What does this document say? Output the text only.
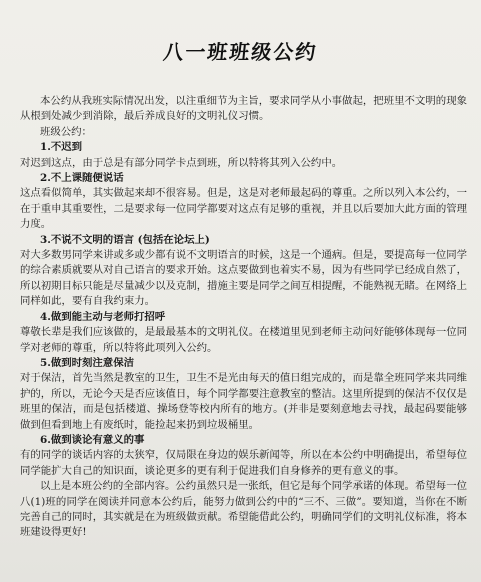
八一班班级公约

本公约从我班实际情况出发，以注重细节为主旨，要求同学从小事做起，把班里不文明的现象从根到处减少到消除，最后养成良好的文明礼仪习惯。

班级公约：

1.不迟到

对迟到这点，由于总是有部分同学卡点到班，所以特将其列入公约中。

2.不上课随便说话

这点看似简单，其实做起来却不很容易。但是，这是对老师最起码的尊重。之所以列入本公约，一在于重申其重要性，二是要求每一位同学都要对这点有足够的重视，并且以后要加大此方面的管理力度。

3.不说不文明的语言 (包括在论坛上)

对大多数男同学来讲或多或少都有说不文明语言的时候，这是一个通病。但是，要提高每一位同学的综合素质就要从对自己语言的要求开始。这点要做到也着实不易，因为有些同学已经成自然了，所以初期目标只能是尽量减少以及克制，措施主要是同学之间互相提醒，不能熟视无睹。在网络上同样如此，要有自我约束力。

4.做到能主动与老师打招呼

尊敬长辈是我们应该做的，是最最基本的文明礼仪。在楼道里见到老师主动问好能够体现每一位同学对老师的尊重，所以特将此项列入公约。

5.做到时刻注意保洁

对于保洁，首先当然是教室的卫生，卫生不是光由每天的值日组完成的，而是靠全班同学来共同维护的，所以，无论今天是否应该值日，每个同学都要注意教室的整洁。这里所提到的保洁不仅仅是班里的保洁，而是包括楼道、操场登等校内所有的地方。(并非是要刻意地去寻找，最起码要能够做到但看到地上有废纸时，能捡起来扔到垃圾桶里。

6.做到谈论有意义的事

有的同学的谈话内容的太狭窄，仅局限在身边的娱乐新闻等，所以在本公约中明确提出，希望每位同学能扩大自己的知识面，谈论更多的更有利于促进我们自身修养的更有意义的事。

以上是本班公约的全部内容。公约虽然只是一张纸，但它是每个同学承诺的体现。希望每一位八(1)班的同学在阅读并同意本公约后，能努力做到公约中的“三不、三做”。要知道，当你在不断完善自己的同时，其实就是在为班级做贡献。希望能借此公约，明确同学们的文明礼仪标准，将本班建设得更好!
